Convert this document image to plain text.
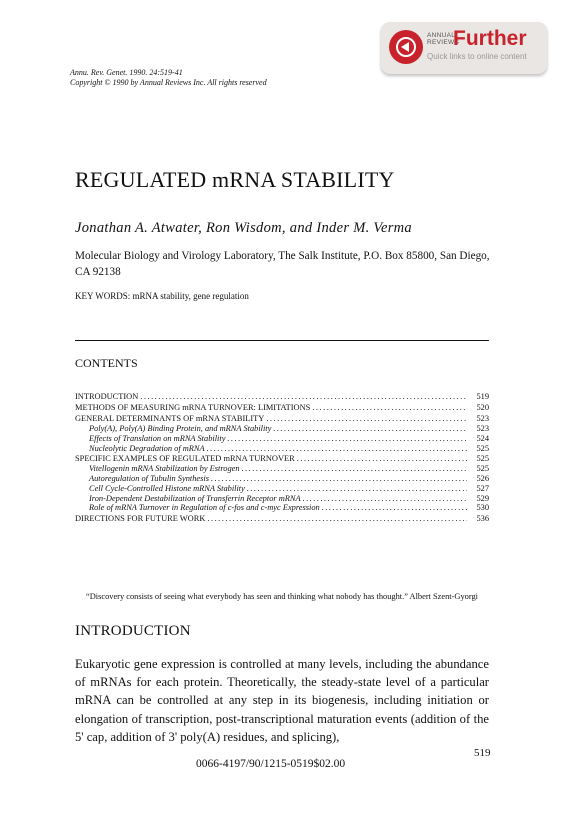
ANNUAL
REVIEWS
Further
Quick links to online content
Annu. Rev. Genet. 1990. 24:519-41
Copyright © 1990 by Annual Reviews Inc. All rights reserved
REGULATED mRNA STABILITY
Jonathan A. Atwater, Ron Wisdom, and Inder M. Verma
Molecular Biology and Virology Laboratory, The Salk Institute, P.O. Box 85800, San Diego, CA 92138
KEY WORDS: mRNA stability, gene regulation
CONTENTS
INTRODUCTION .....	519
METHODS OF MEASURING mRNA TURNOVER: LIMITATIONS .....	520
GENERAL DETERMINANTS OF mRNA STABILITY .....	523
Poly(A), Poly(A) Binding Protein, and mRNA Stability .....	523
Effects of Translation on mRNA Stability .....	524
Nucleolytic Degradation of mRNA .....	525
SPECIFIC EXAMPLES OF REGULATED mRNA TURNOVER .....	525
Vitellogenin mRNA Stabilization by Estrogen .....	525
Autoregulation of Tubulin Synthesis .....	526
Cell Cycle-Controlled Histone mRNA Stability .....	527
Iron-Dependent Destabilization of Transferrin Receptor mRNA .....	529
Role of mRNA Turnover in Regulation of c-fos and c-myc Expression .....	530
DIRECTIONS FOR FUTURE WORK .....	536
“Discovery consists of seeing what everybody has seen and thinking what nobody has thought.” Albert Szent-Gyorgi
INTRODUCTION
Eukaryotic gene expression is controlled at many levels, including the abundance of mRNAs for each protein. Theoretically, the steady-state level of a particular mRNA can be controlled at any step in its biogenesis, including initiation or elongation of transcription, post-transcriptional maturation events (addition of the 5' cap, addition of 3' poly(A) residues, and splicing),
519
0066-4197/90/1215-0519$02.00
